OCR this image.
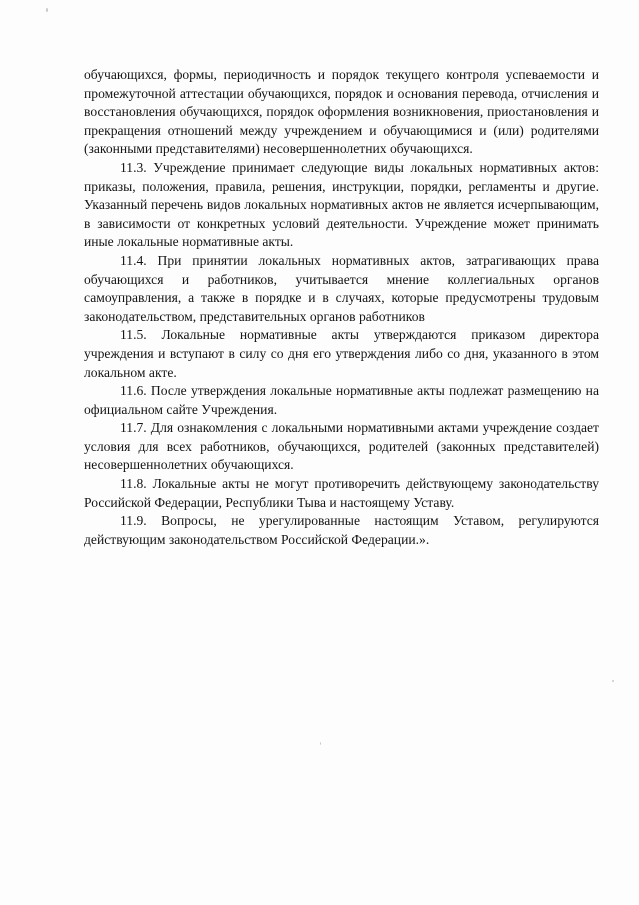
обучающихся, формы, периодичность и порядок текущего контроля успеваемости и промежуточной аттестации обучающихся, порядок и основания перевода, отчисления и восстановления обучающихся, порядок оформления возникновения, приостановления и прекращения отношений между учреждением и обучающимися и (или) родителями (законными представителями) несовершеннолетних обучающихся.

11.3. Учреждение принимает следующие виды локальных нормативных актов: приказы, положения, правила, решения, инструкции, порядки, регламенты и другие. Указанный перечень видов локальных нормативных актов не является исчерпывающим, в зависимости от конкретных условий деятельности. Учреждение может принимать иные локальные нормативные акты.

11.4. При принятии локальных нормативных актов, затрагивающих права обучающихся и работников, учитывается мнение коллегиальных органов самоуправления, а также в порядке и в случаях, которые предусмотрены трудовым законодательством, представительных органов работников

11.5. Локальные нормативные акты утверждаются приказом директора учреждения и вступают в силу со дня его утверждения либо со дня, указанного в этом локальном акте.

11.6. После утверждения локальные нормативные акты подлежат размещению на официальном сайте Учреждения.

11.7. Для ознакомления с локальными нормативными актами учреждение создает условия для всех работников, обучающихся, родителей (законных представителей) несовершеннолетних обучающихся.

11.8. Локальные акты не могут противоречить действующему законодательству Российской Федерации, Республики Тыва и настоящему Уставу.

11.9. Вопросы, не урегулированные настоящим Уставом, регулируются действующим законодательством Российской Федерации.».
